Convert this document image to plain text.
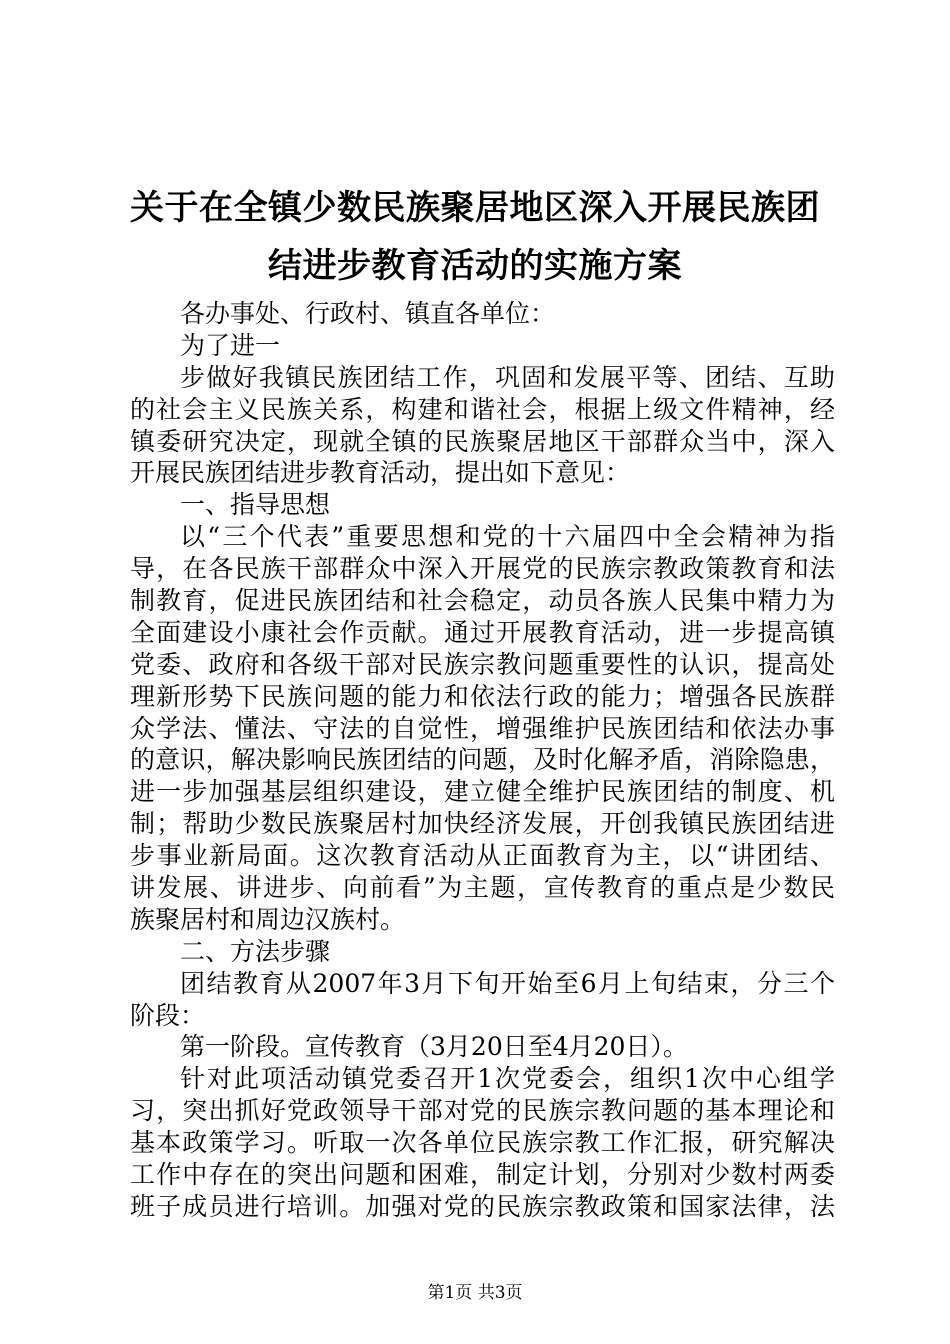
关于在全镇少数民族聚居地区深入开展民族团
结进步教育活动的实施方案
各办事处、行政村、镇直各单位：
为了进一
步做好我镇民族团结工作，巩固和发展平等、团结、互助
的社会主义民族关系，构建和谐社会，根据上级文件精神，经
镇委研究决定，现就全镇的民族聚居地区干部群众当中，深入
开展民族团结进步教育活动，提出如下意见：
一、指导思想
以“三个代表”重要思想和党的十六届四中全会精神为指
导，在各民族干部群众中深入开展党的民族宗教政策教育和法
制教育，促进民族团结和社会稳定，动员各族人民集中精力为
全面建设小康社会作贡献。通过开展教育活动，进一步提高镇
党委、政府和各级干部对民族宗教问题重要性的认识，提高处
理新形势下民族问题的能力和依法行政的能力；增强各民族群
众学法、懂法、守法的自觉性，增强维护民族团结和依法办事
的意识，解决影响民族团结的问题，及时化解矛盾，消除隐患，
进一步加强基层组织建设，建立健全维护民族团结的制度、机
制；帮助少数民族聚居村加快经济发展，开创我镇民族团结进
步事业新局面。这次教育活动从正面教育为主，以“讲团结、
讲发展、讲进步、向前看”为主题，宣传教育的重点是少数民
族聚居村和周边汉族村。
二、方法步骤
团结教育从2007年3月下旬开始至6月上旬结束，分三个
阶段：
第一阶段。宣传教育（3月20日至4月20日）。
针对此项活动镇党委召开1次党委会，组织1次中心组学
习，突出抓好党政领导干部对党的民族宗教问题的基本理论和
基本政策学习。听取一次各单位民族宗教工作汇报，研究解决
工作中存在的突出问题和困难，制定计划，分别对少数村两委
班子成员进行培训。加强对党的民族宗教政策和国家法律，法
第1页 共3页
